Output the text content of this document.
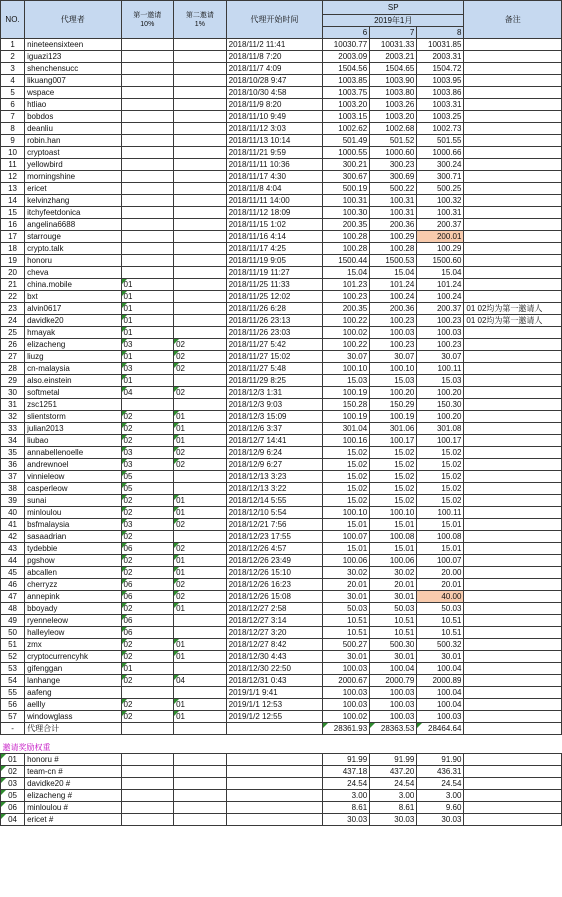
NO.	代理者	第一邀请
10%	第二邀请
1%	代理开始时间	SP			备注
					2019年1月			
					6	7	8	
1	nineteensixteen			2018/11/2 11:41	10030.77	10031.33	10031.85	
2	iguazi123			2018/11/8 7:20	2003.09	2003.21	2003.31	
3	shenchensucc			2018/11/7 4:09	1504.56	1504.65	1504.72	
4	likuang007			2018/10/28 9:47	1003.85	1003.90	1003.95	
5	wspace			2018/10/30 4:58	1003.75	1003.80	1003.86	
6	htliao			2018/11/9 8:20	1003.20	1003.26	1003.31	
7	bobdos			2018/11/10 9:49	1003.15	1003.20	1003.25	
8	deanliu			2018/11/12 3:03	1002.62	1002.68	1002.73	
9	robin.han			2018/11/13 10:14	501.49	501.52	501.55	
10	cryptoast			2018/11/21 9:59	1000.55	1000.60	1000.66	
11	yellowbird			2018/11/11 10:36	300.21	300.23	300.24	
12	morningshine			2018/11/17 4:30	300.67	300.69	300.71	
13	ericet			2018/11/8 4:04	500.19	500.22	500.25	
14	kelvinzhang			2018/11/11 14:00	100.31	100.31	100.32	
15	itchyfeetdonica			2018/11/12 18:09	100.30	100.31	100.31	
16	angelina6688			2018/11/15 1:02	200.35	200.36	200.37	
17	starrouge			2018/11/16 4:14	100.28	100.29	200.01	
18	crypto.talk			2018/11/17 4:25	100.28	100.28	100.29	
19	honoru			2018/11/19 9:05	1500.44	1500.53	1500.60	
20	cheva			2018/11/19 11:27	15.04	15.04	15.04	
21	china.mobile	01		2018/11/25 11:33	101.23	101.24	101.24	
22	bxt	01		2018/11/25 12:02	100.23	100.24	100.24	
23	alvin0617	01		2018/11/26 6:28	200.35	200.36	200.37	01 02均为第一邀请人
24	davidke20	01		2018/11/26 23:13	100.22	100.23	100.23	01 02均为第一邀请人
25	hmayak	01		2018/11/26 23:03	100.02	100.03	100.03	
26	elizacheng	03	02	2018/11/27 5:42	100.22	100.23	100.23	
27	liuzg	01	02	2018/11/27 15:02	30.07	30.07	30.07	
28	cn-malaysia	03	02	2018/11/27 5:48	100.10	100.10	100.11	
29	also.einstein	01		2018/11/29 8:25	15.03	15.03	15.03	
30	softmetal	04	02	2018/12/3 1:31	100.19	100.20	100.20	
31	zsc1251			2018/12/3 9:03	150.28	150.29	150.30	
32	slientstorm	02	01	2018/12/3 15:09	100.19	100.19	100.20	
33	julian2013	02	01	2018/12/6 3:37	301.04	301.06	301.08	
34	liubao	02	01	2018/12/7 14:41	100.16	100.17	100.17	
35	annabellenoelle	03	02	2018/12/9 6:24	15.02	15.02	15.02	
36	andrewnoel	03	02	2018/12/9 6:27	15.02	15.02	15.02	
37	vinnieleow	05		2018/12/13 3:23	15.02	15.02	15.02	
38	casperleow	05		2018/12/13 3:22	15.02	15.02	15.02	
39	sunai	02	01	2018/12/14 5:55	15.02	15.02	15.02	
40	minloulou	02	01	2018/12/10 5:54	100.10	100.10	100.11	
41	bsfmalaysia	03	02	2018/12/21 7:56	15.01	15.01	15.01	
42	sasaadrian	02		2018/12/23 17:55	100.07	100.08	100.08	
43	tydebbie	06	02	2018/12/26 4:57	15.01	15.01	15.01	
44	pgshow	02	01	2018/12/26 23:49	100.06	100.06	100.07	
45	abcallen	02	01	2018/12/26 15:10	30.02	30.02	20.00	
46	cherryzz	06	02	2018/12/26 16:23	20.01	20.01	20.01	
47	annepink	06	02	2018/12/26 15:08	30.01	30.01	40.00	
48	bboyady	02	01	2018/12/27 2:58	50.03	50.03	50.03	
49	ryenneleow	06		2018/12/27 3:14	10.51	10.51	10.51	
50	halleyleow	06		2018/12/27 3:20	10.51	10.51	10.51	
51	zmx	02	01	2018/12/27 8:42	500.27	500.30	500.32	
52	cryptocurrencyhk	02	01	2018/12/30 4:43	30.01	30.01	30.01	
53	gifenggan	01		2018/12/30 22:50	100.03	100.04	100.04	
54	lanhange	02	04	2018/12/31 0:43	2000.67	2000.79	2000.89	
55	aafeng			2019/1/1 9:41	100.03	100.03	100.04	
56	aellly	02	01	2019/1/1 12:53	100.03	100.03	100.04	
57	windowglass	02	01	2019/1/2 12:55	100.02	100.03	100.03	
-	代理合计				28361.93	28363.53	28464.64	

邀请奖励权重								
01	honoru #				91.99	91.99	91.90	
02	team-cn #				437.18	437.20	436.31	
03	davidke20 #				24.54	24.54	24.54	
05	elizacheng #				3.00	3.00	3.00	
06	minloulou #				8.61	8.61	9.60	
04	ericet #				30.03	30.03	30.03	
